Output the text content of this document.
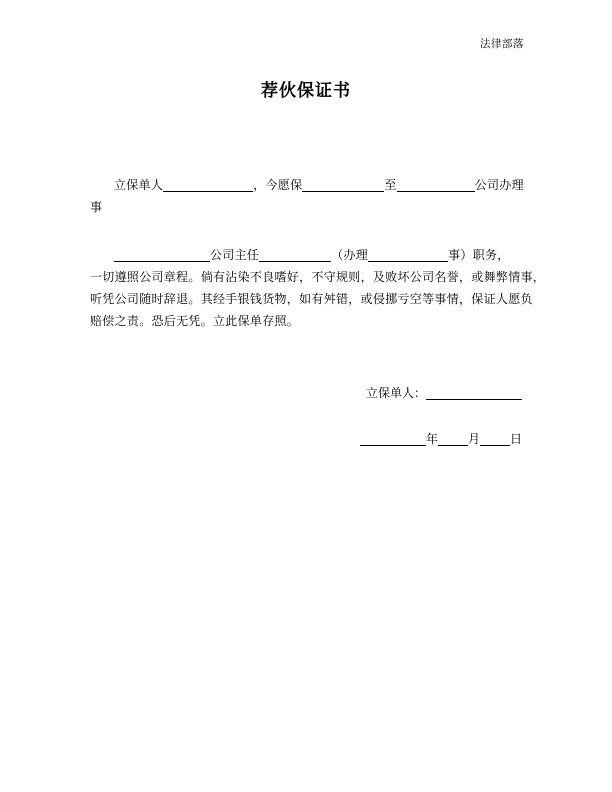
法律部落
荐伙保证书
立保单人	，今愿保	至	公司办理
事
公司主任	（办理	事）职务，
一切遵照公司章程。倘有沾染不良嗜好，不守规则，及败坏公司名誉，或舞弊情事，
听凭公司随时辞退。其经手银钱货物，如有舛错，或侵挪亏空等事情，保证人愿负
赔偿之责。恐后无凭。立此保单存照。
立保单人：
年	月	日
